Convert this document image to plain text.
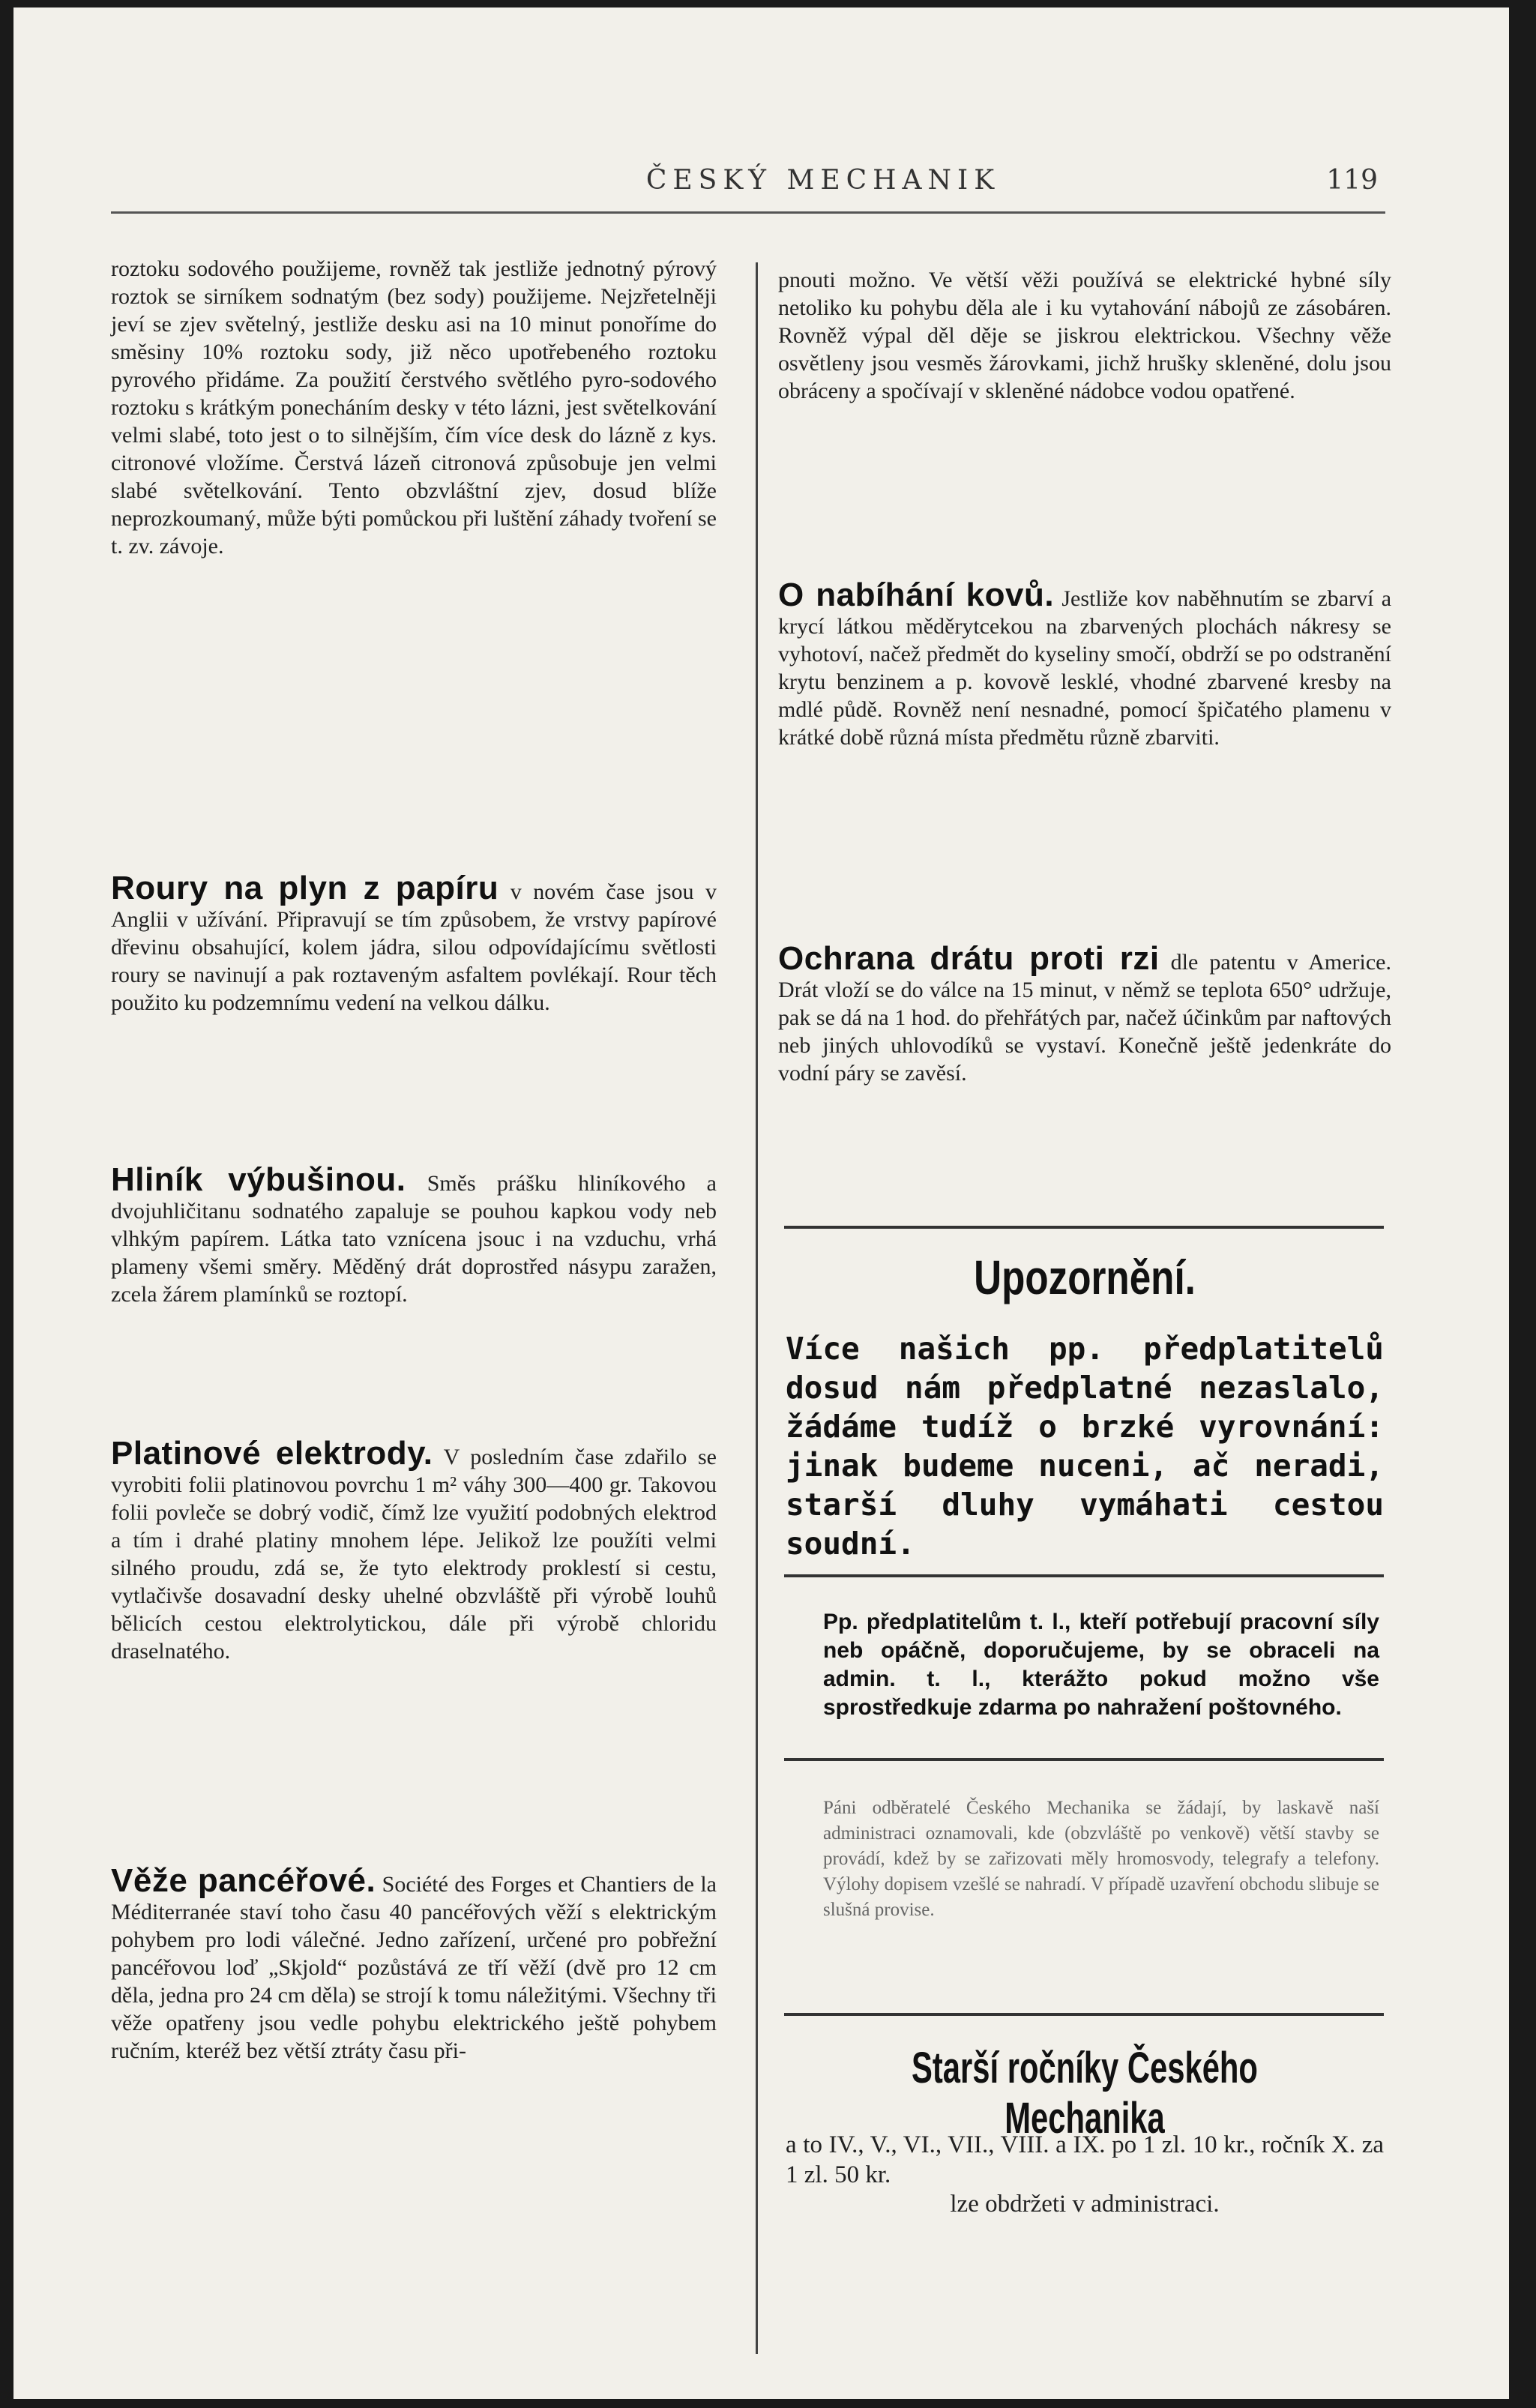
ČESKÝ MECHANIK	119

roztoku sodového použijeme, rovněž tak jestliže jednotný pýrový roztok se sirníkem sodnatým (bez sody) použijeme. Nejzřetelněji jeví se zjev světelný, jestliže desku asi na 10 minut ponoříme do směsiny 10% roztoku sody, již něco upotřebeného roztoku pyrového přidáme. Za použití čerstvého světlého pyro-sodového roztoku s krátkým ponecháním desky v této lázni, jest světelkování velmi slabé, toto jest o to silnějším, čím více desk do lázně z kys. citronové vložíme. Čerstvá lázeň citronová způsobuje jen velmi slabé světelkování. Tento obzvláštní zjev, dosud blíže neprozkoumaný, může býti pomůckou při luštění záhady tvoření se t. zv. závoje.

Roury na plyn z papíru v novém čase jsou v Anglii v užívání. Připravují se tím způsobem, že vrstvy papírové dřevinu obsahující, kolem jádra, silou odpovídajícímu světlosti roury se navinují a pak roztaveným asfaltem povlékají. Rour těch použito ku podzemnímu vedení na velkou dálku.

Hliník výbušinou. Směs prášku hliníkového a dvojuhličitanu sodnatého zapaluje se pouhou kapkou vody neb vlhkým papírem. Látka tato vznícena jsouc i na vzduchu, vrhá plameny všemi směry. Měděný drát doprostřed násypu zaražen, zcela žárem plamínků se roztopí.

Platinové elektrody. V posledním čase zdařilo se vyrobiti folii platinovou povrchu 1 m² váhy 300—400 gr. Takovou folii povleče se dobrý vodič, čímž lze využití podobných elektrod a tím i drahé platiny mnohem lépe. Jelikož lze použíti velmi silného proudu, zdá se, že tyto elektrody proklestí si cestu, vytlačivše dosavadní desky uhelné obzvláště při výrobě louhů bělicích cestou elektrolytickou, dále při výrobě chloridu draselnatého.

Věže pancéřové. Société des Forges et Chantiers de la Méditerranée staví toho času 40 pancéřových věží s elektrickým pohybem pro lodi válečné. Jedno zařízení, určené pro pobřežní pancéřovou loď „Skjold“ pozůstává ze tří věží (dvě pro 12 cm děla, jedna pro 24 cm děla) se strojí k tomu náležitými. Všechny tři věže opatřeny jsou vedle pohybu elektrického ještě pohybem ručním, kteréž bez větší ztráty času při-

pnouti možno. Ve větší věži používá se elektrické hybné síly netoliko ku pohybu děla ale i ku vytahování nábojů ze zásobáren. Rovněž výpal děl děje se jiskrou elektrickou. Všechny věže osvětleny jsou vesměs žárovkami, jichž hrušky skleněné, dolu jsou obráceny a spočívají v skleněné nádobce vodou opatřené.

O nabíhání kovů. Jestliže kov naběhnutím se zbarví a krycí látkou měděrytcekou na zbarvených plochách nákresy se vyhotoví, načež předmět do kyseliny smočí, obdrží se po odstranění krytu benzinem a p. kovově lesklé, vhodné zbarvené kresby na mdlé půdě. Rovněž není nesnadné, pomocí špičatého plamenu v krátké době různá místa předmětu různě zbarviti.

Ochrana drátu proti rzi dle patentu v Americe. Drát vloží se do válce na 15 minut, v němž se teplota 650° udržuje, pak se dá na 1 hod. do přehřátých par, načež účinkům par naftových neb jiných uhlovodíků se vystaví. Konečně ještě jedenkráte do vodní páry se zavěsí.

Upozornění.
Více našich pp. předplatitelů dosud nám předplatné nezaslalo, žádáme tudíž o brzké vyrovnání: jinak budeme nuceni, ač neradi, starší dluhy vymáhati cestou soudní.
Pp. předplatitelům t. l., kteří potřebují pracovní síly neb opáčně, doporučujeme, by se obraceli na admin. t. l., kterážto pokud možno vše sprostředkuje zdarma po nahražení poštovného.
Páni odběratelé Českého Mechanika se žádají, by laskavě naší administraci oznamovali, kde (obzvláště po venkově) větší stavby se provádí, kdež by se zařizovati měly hromosvody, telegrafy a telefony. Výlohy dopisem vzešlé se nahradí. V případě uzavření obchodu slibuje se slušná provise.
Starší ročníky Českého Mechanika
a to IV., V., VI., VII., VIII. a IX. po 1 zl. 10 kr., ročník X. za 1 zl. 50 kr.
lze obdržeti v administraci.
